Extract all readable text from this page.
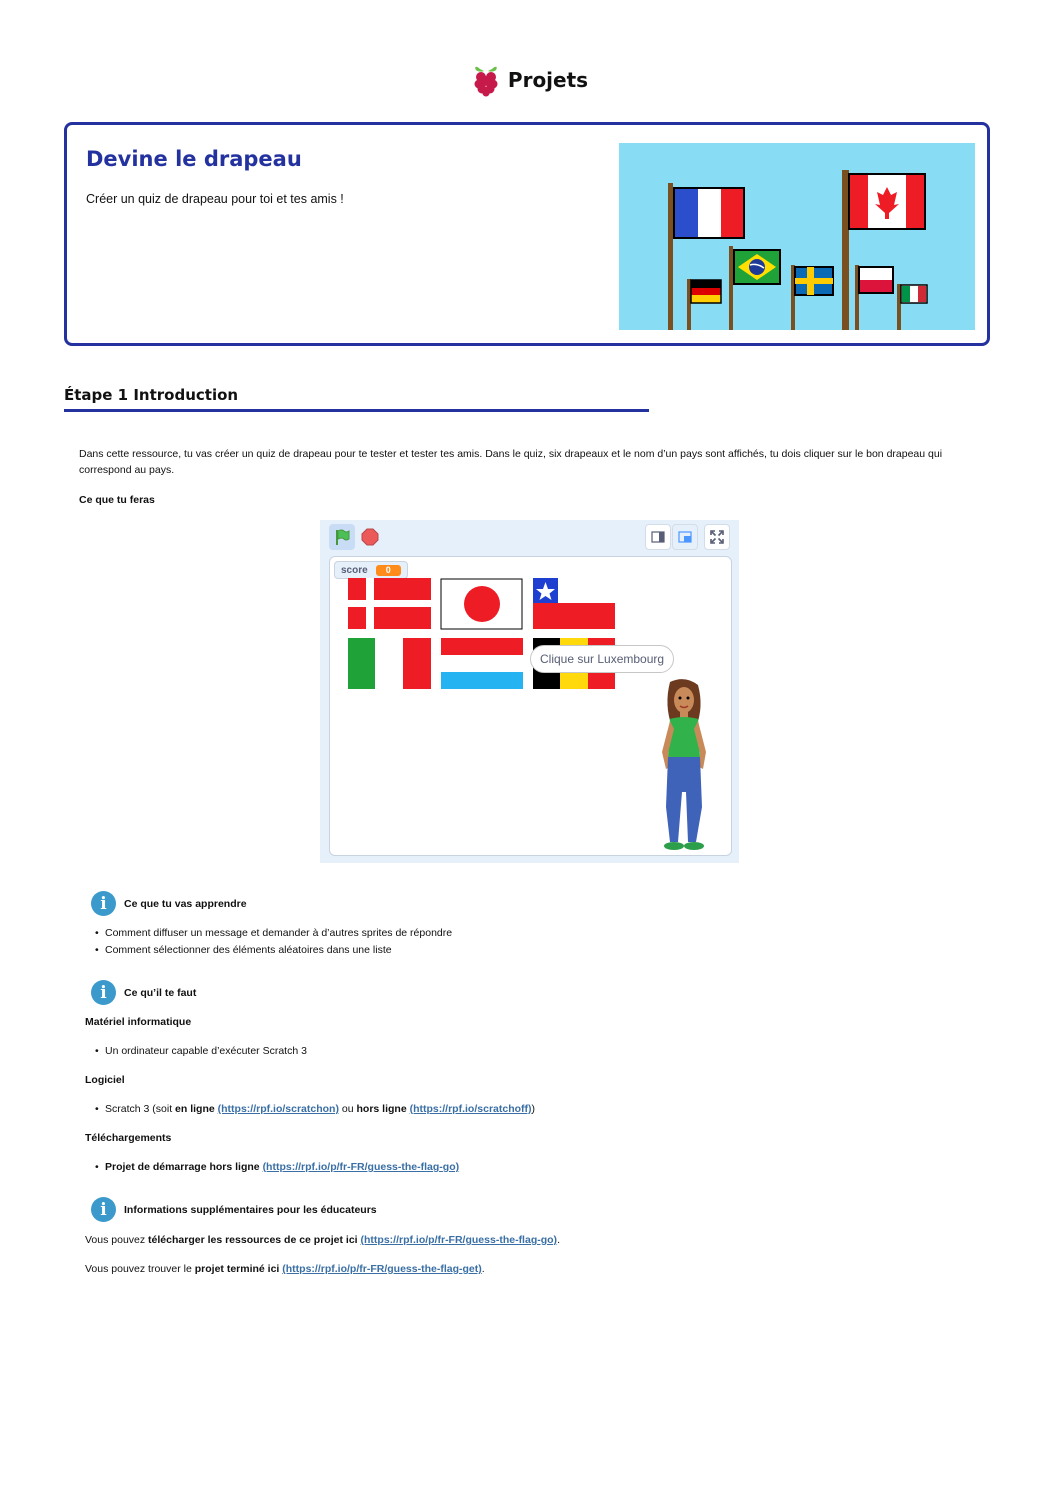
Projets
Devine le drapeau

Créer un quiz de drapeau pour toi et tes amis !

Étape 1 Introduction
Dans cette ressource, tu vas créer un quiz de drapeau pour te tester et tester tes amis. Dans le quiz, six drapeaux et le nom d’un pays sont affichés, tu dois cliquer sur le bon drapeau qui correspond au pays.
Ce que tu feras
score	0
Clique sur Luxembourg
i	Ce que tu vas apprendre
• Comment diffuser un message et demander à d’autres sprites de répondre
• Comment sélectionner des éléments aléatoires dans une liste
i	Ce qu’il te faut
Matériel informatique
• Un ordinateur capable d’exécuter Scratch 3
Logiciel
• Scratch 3 (soit en ligne (https://rpf.io/scratchon) ou hors ligne (https://rpf.io/scratchoff))
Téléchargements
• Projet de démarrage hors ligne (https://rpf.io/p/fr-FR/guess-the-flag-go)
i	Informations supplémentaires pour les éducateurs
Vous pouvez télécharger les ressources de ce projet ici (https://rpf.io/p/fr-FR/guess-the-flag-go).
Vous pouvez trouver le projet terminé ici (https://rpf.io/p/fr-FR/guess-the-flag-get).
